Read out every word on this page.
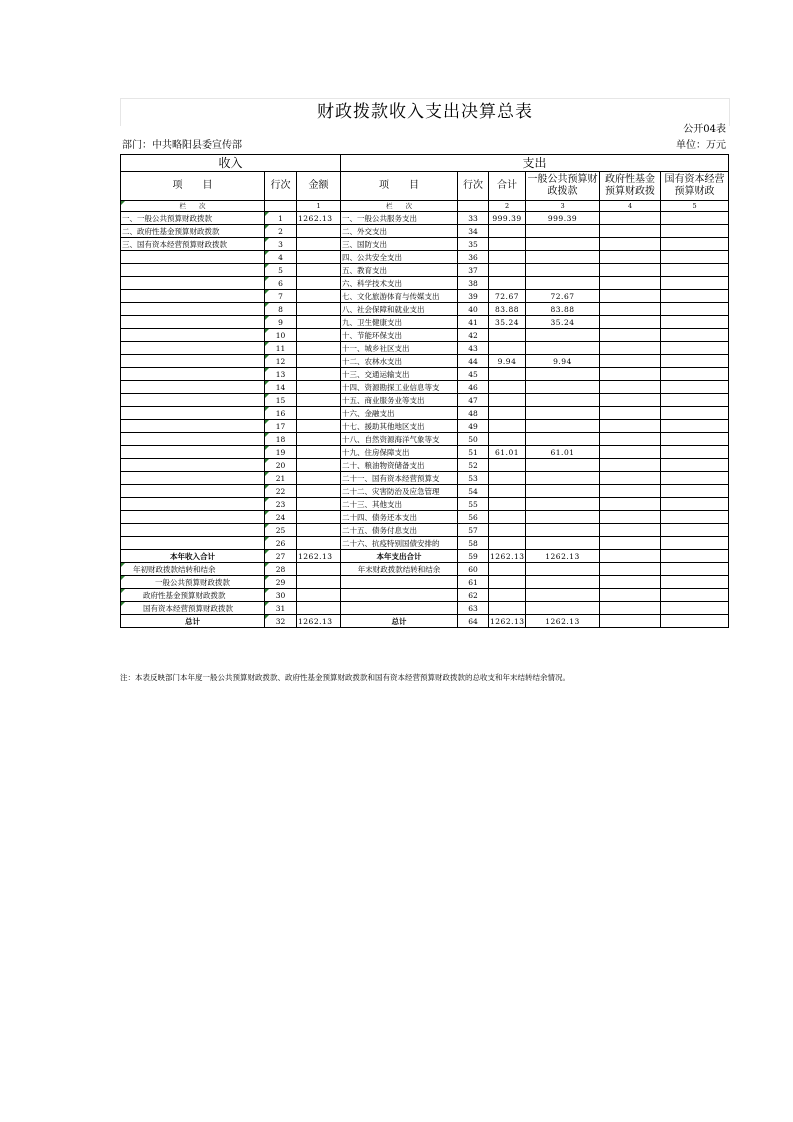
财政拨款收入支出决算总表
公开04表
部门：中共略阳县委宣传部	单位：万元
收入			支出					
项　　目	行次	金额	项　　目	行次	合计	一般公共预算财政拨款	政府性基金预算财政拨	国有资本经营预算财政
栏　　次		1	栏　　次		2	3	4	5
一、一般公共预算财政拨款	1	1262.13	一、一般公共服务支出	33	999.39	999.39		
二、政府性基金预算财政拨款	2		二、外交支出	34				
三、国有资本经营预算财政拨款	3		三、国防支出	35				
	4		四、公共安全支出	36				
	5		五、教育支出	37				
	6		六、科学技术支出	38				
	7		七、文化旅游体育与传媒支出	39	72.67	72.67		
	8		八、社会保障和就业支出	40	83.88	83.88		
	9		九、卫生健康支出	41	35.24	35.24		
	10		十、节能环保支出	42				
	11		十一、城乡社区支出	43				
	12		十二、农林水支出	44	9.94	9.94		
	13		十三、交通运输支出	45				
	14		十四、资源勘探工业信息等支	46				
	15		十五、商业服务业等支出	47				
	16		十六、金融支出	48				
	17		十七、援助其他地区支出	49				
	18		十八、自然资源海洋气象等支	50				
	19		十九、住房保障支出	51	61.01	61.01		
	20		二十、粮油物资储备支出	52				
	21		二十一、国有资本经营预算支	53				
	22		二十二、灾害防治及应急管理	54				
	23		二十三、其他支出	55				
	24		二十四、债务还本支出	56				
	25		二十五、债务付息支出	57				
	26		二十六、抗疫特别国债安排的	58				
本年收入合计	27	1262.13	本年支出合计	59	1262.13	1262.13		
年初财政拨款结转和结余	28		年末财政拨款结转和结余	60				
一般公共预算财政拨款	29			61				
政府性基金预算财政拨款	30			62				
国有资本经营预算财政拨款	31			63				
总计	32	1262.13	总计	64	1262.13	1262.13		
注：本表反映部门本年度一般公共预算财政拨款、政府性基金预算财政拨款和国有资本经营预算财政拨款的总收支和年末结转结余情况。
